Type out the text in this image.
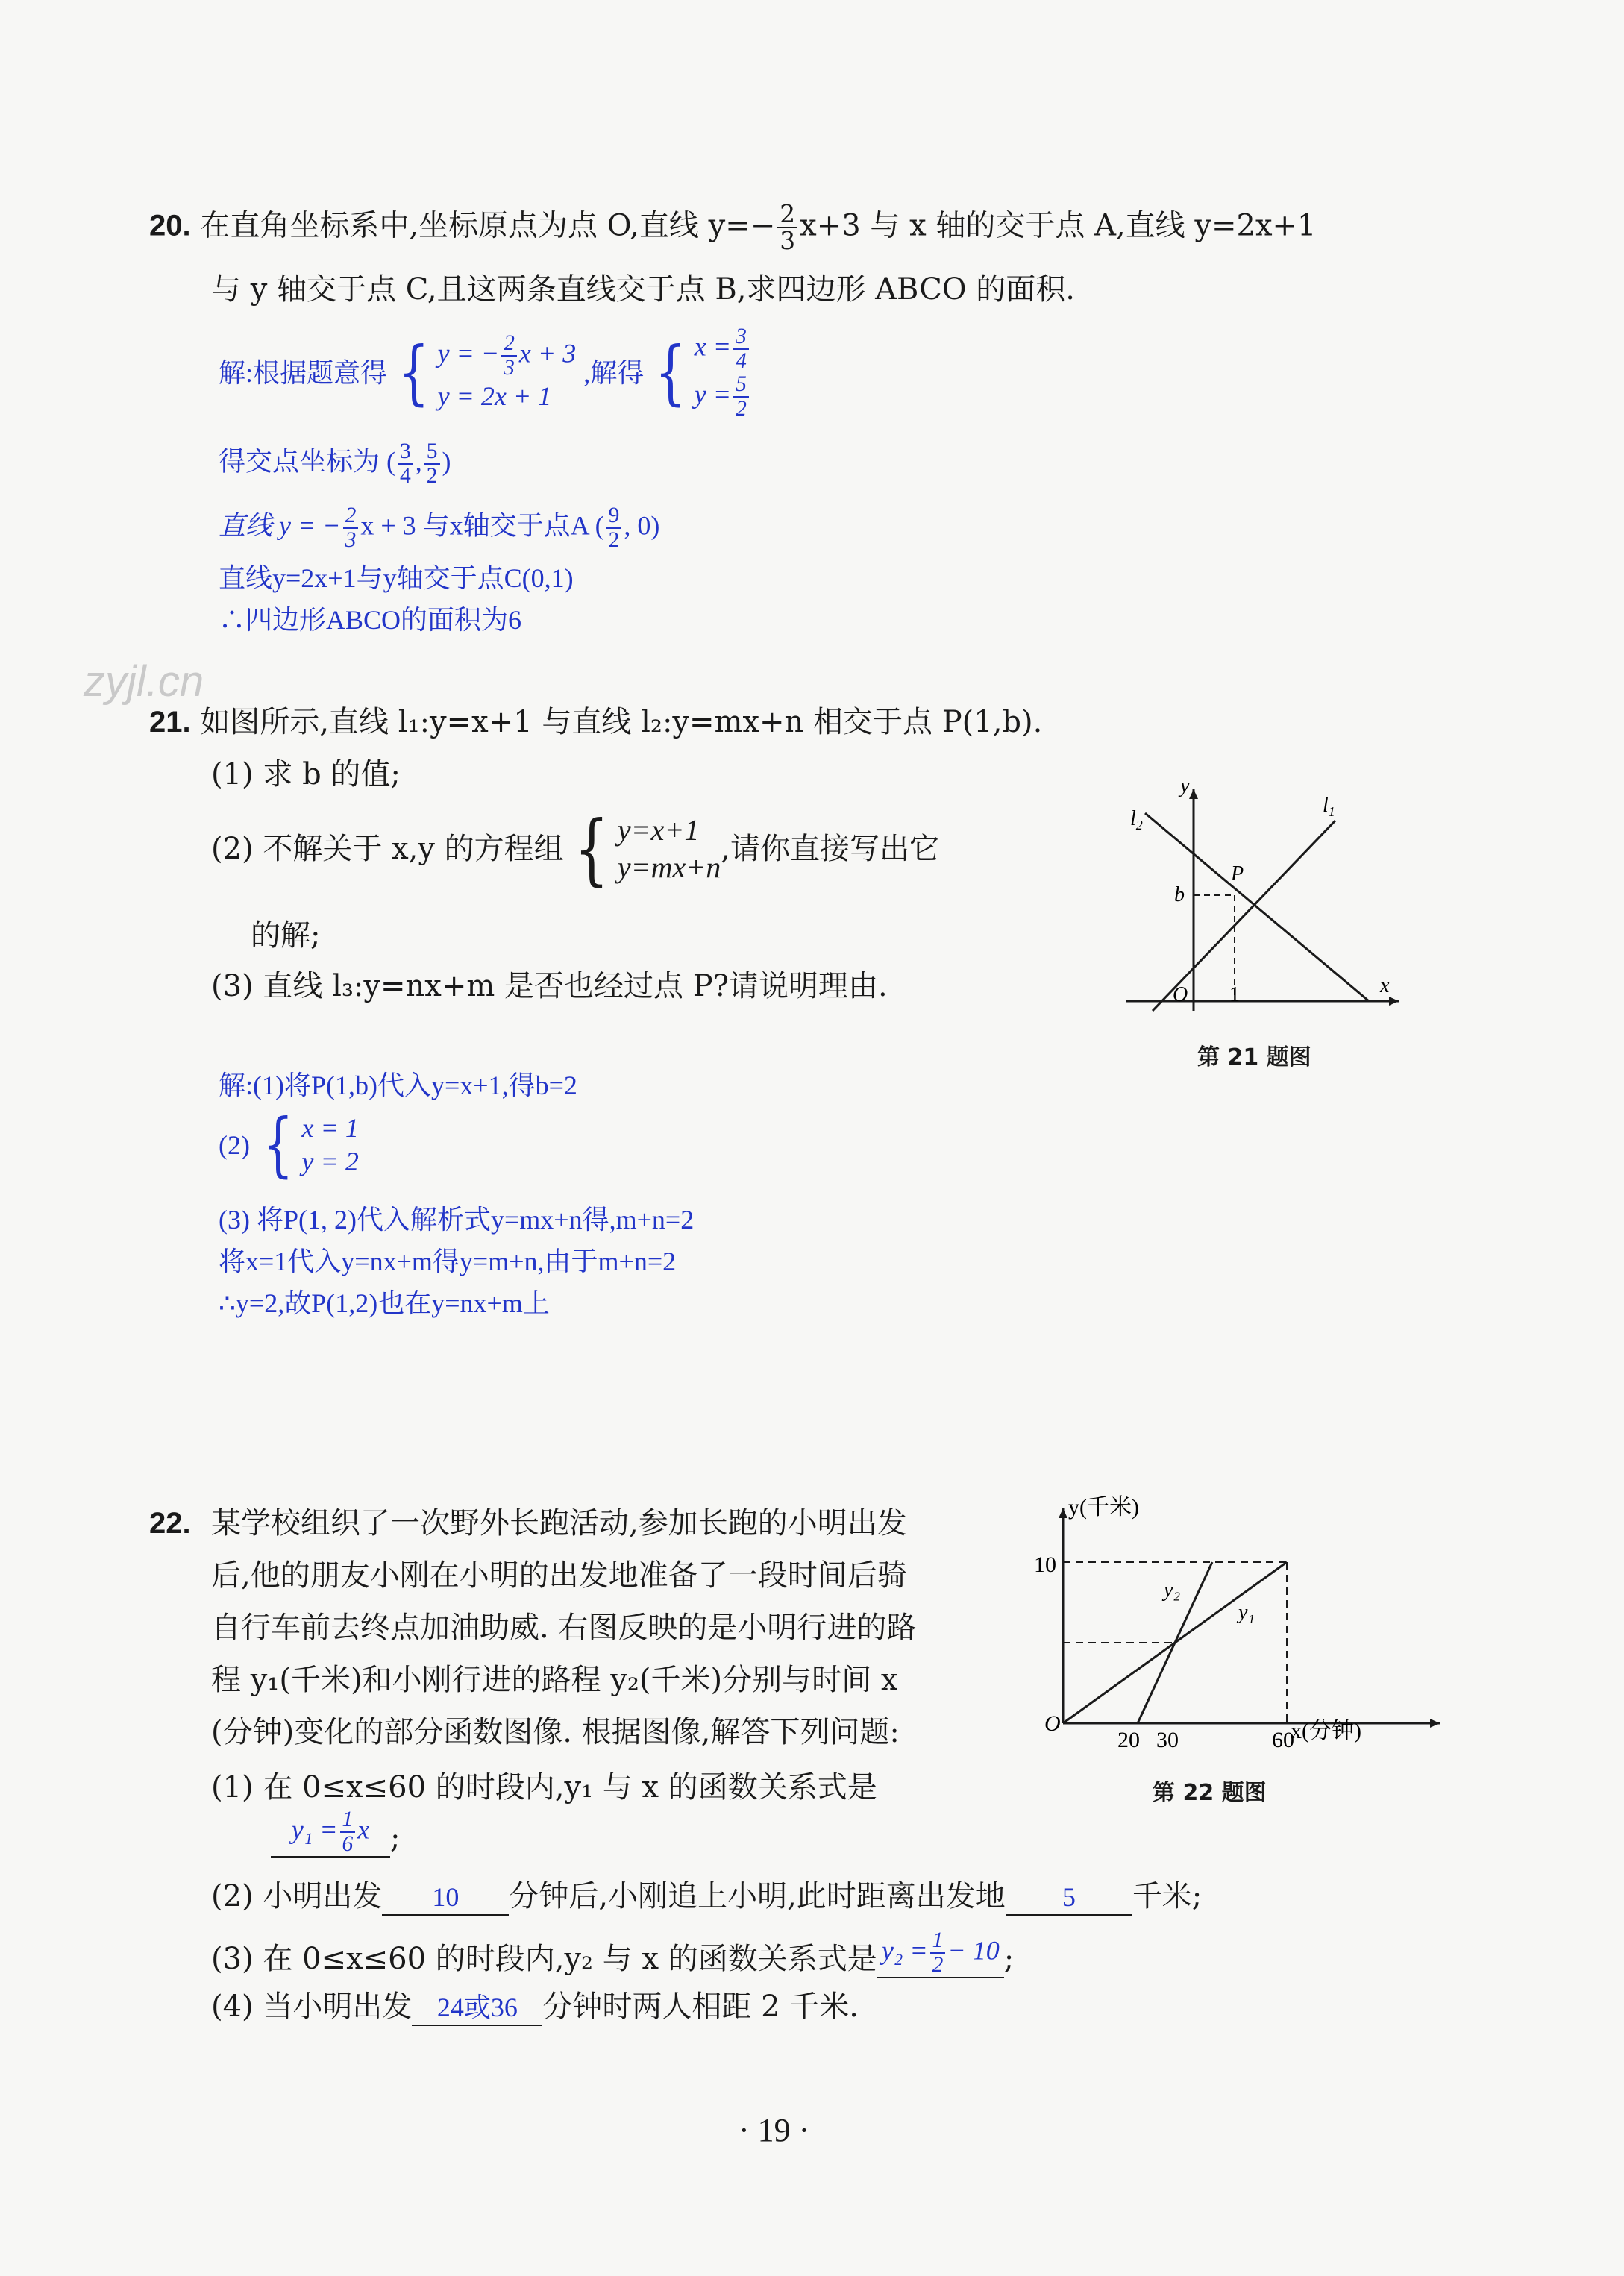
zyjl.cn
20. 在直角坐标系中,坐标原点为点 O,直线 $y=- \frac{2}{3} x+3$ 与 x 轴的交于点 A,直线 y=2x+1
与 y 轴交于点 C,且这两条直线交于点 B,求四边形 ABCO 的面积.
解:根据题意得 { y = − $\frac{2}{3}$ x + 3
y = 2x + 1
,解得 { $x = \frac{3}{4}$
$y = \frac{5}{2}$
得交点坐标为 ( $\frac{3}{4}$ , $\frac{5}{2}$ )
直线 y = − $\frac{2}{3}$ x + 3 与x轴交于点A ( $\frac{9}{2}$ , 0)
直线y=2x+1与y轴交于点C(0,1)
∴四边形ABCO的面积为6
21. 如图所示,直线 l₁:y=x+1 与直线 l₂:y=mx+n 相交于点 P(1,b).
(1) 求 b 的值;
(2) 不解关于 x,y 的方程组 { y=x+1
y=mx+n
,请你直接写出它
的解;
(3) 直线 l₃:y=nx+m 是否也经过点 P?请说明理由.
y
x
O 1
b
P
$l_1$
$l_2$
第 21 题图
解:(1)将P(1,b)代入y=x+1,得b=2
(2) { x = 1
y = 2
(3) 将P(1, 2)代入解析式y=mx+n得,m+n=2
将x=1代入y=nx+m得y=m+n,由于m+n=2
∴y=2,故P(1,2)也在y=nx+m上
22. 某学校组织了一次野外长跑活动,参加长跑的小明出发
后,他的朋友小刚在小明的出发地准备了一段时间后骑
自行车前去终点加油助威. 右图反映的是小明行进的路
程 y₁(千米)和小刚行进的路程 y₂(千米)分别与时间 x
(分钟)变化的部分函数图像. 根据图像,解答下列问题:
(1) 在 0≤x≤60 的时段内,y₁ 与 x 的函数关系式是
$y_1 = \frac{1}{6}$ x ;
(2) 小明出发	10	分钟后,小刚追上小明,此时距离出发地	5	千米;
(3) 在 0≤x≤60 的时段内,y₂ 与 x 的函数关系式是 $y_2 = \frac{1}{2} - 10$ ;
(4) 当小明出发 24或36 分钟时两人相距 2 千米.
y(千米)
x(分钟)
10
O
20 30	60
y₂
y₁
第 22 题图
· 19 ·
